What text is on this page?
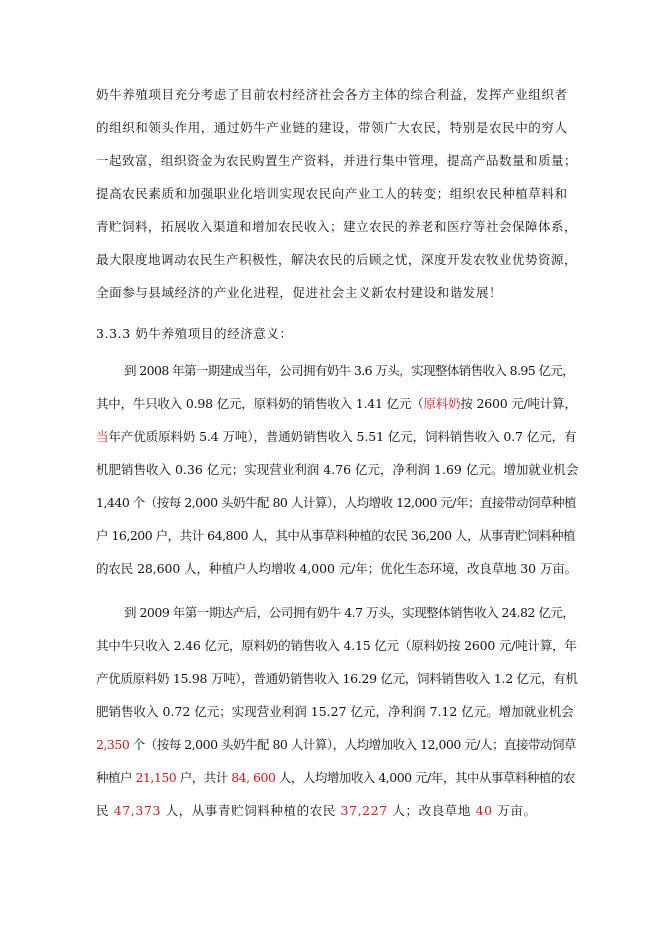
奶牛养殖项目充分考虑了目前农村经济社会各方主体的综合利益，发挥产业组织者
的组织和领头作用，通过奶牛产业链的建设，带领广大农民，特别是农民中的穷人
一起致富，组织资金为农民购置生产资料，并进行集中管理，提高产品数量和质量；
提高农民素质和加强职业化培训实现农民向产业工人的转变；组织农民种植草料和
青贮饲料，拓展收入渠道和增加农民收入；建立农民的养老和医疗等社会保障体系，
最大限度地调动农民生产积极性，解决农民的后顾之忧，深度开发农牧业优势资源，
全面参与县域经济的产业化进程，促进社会主义新农村建设和谐发展！
3.3.3 奶牛养殖项目的经济意义：
到 2008 年第一期建成当年，公司拥有奶牛 3.6 万头，实现整体销售收入 8.95 亿元，
其中，牛只收入 0.98 亿元，原料奶的销售收入 1.41 亿元（原料奶按 2600 元/吨计算，
当年产优质原料奶 5.4 万吨），普通奶销售收入 5.51 亿元，饲料销售收入 0.7 亿元，有
机肥销售收入 0.36 亿元；实现营业利润 4.76 亿元，净利润 1.69 亿元。增加就业机会
1,440 个（按每 2,000 头奶牛配 80 人计算），人均增收 12,000 元/年；直接带动饲草种植
户 16,200 户，共计 64,800 人，其中从事草料种植的农民 36,200 人，从事青贮饲料种植
的农民 28,600 人，种植户人均增收 4,000 元/年；优化生态环境，改良草地 30 万亩。
到 2009 年第一期达产后，公司拥有奶牛 4.7 万头，实现整体销售收入 24.82 亿元，
其中牛只收入 2.46 亿元，原料奶的销售收入 4.15 亿元（原料奶按 2600 元/吨计算，年
产优质原料奶 15.98 万吨），普通奶销售收入 16.29 亿元，饲料销售收入 1.2 亿元，有机
肥销售收入 0.72 亿元；实现营业利润 15.27 亿元，净利润 7.12 亿元。增加就业机会
2,350 个（按每 2,000 头奶牛配 80 人计算），人均增加收入 12,000 元/人；直接带动饲草
种植户 21,150 户，共计 84, 600 人，人均增加收入 4,000 元/年，其中从事草料种植的农
民 47,373 人，从事青贮饲料种植的农民 37,227 人；改良草地 40 万亩。
